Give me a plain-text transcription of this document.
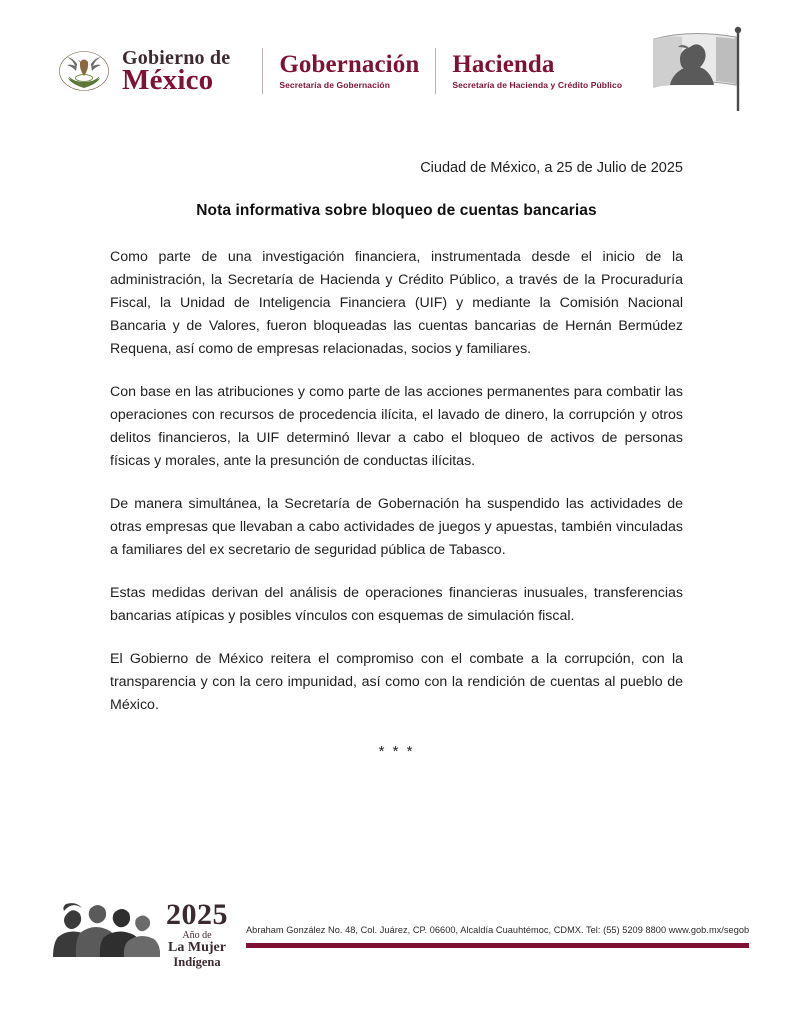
Gobierno de
México	Gobernación
Secretaría de Gobernación
Hacienda
Secretaría de Hacienda y Crédito Público
Ciudad de México, a 25 de Julio de 2025
Nota informativa sobre bloqueo de cuentas bancarias

Como parte de una investigación financiera, instrumentada desde el inicio de la administración, la Secretaría de Hacienda y Crédito Público, a través de la Procuraduría Fiscal, la Unidad de Inteligencia Financiera (UIF) y mediante la Comisión Nacional Bancaria y de Valores, fueron bloqueadas las cuentas bancarias de Hernán Bermúdez Requena, así como de empresas relacionadas, socios y familiares.

Con base en las atribuciones y como parte de las acciones permanentes para combatir las operaciones con recursos de procedencia ilícita, el lavado de dinero, la corrupción y otros delitos financieros, la UIF determinó llevar a cabo el bloqueo de activos de personas físicas y morales, ante la presunción de conductas ilícitas.

De manera simultánea, la Secretaría de Gobernación ha suspendido las actividades de otras empresas que llevaban a cabo actividades de juegos y apuestas, también vinculadas a familiares del ex secretario de seguridad pública de Tabasco.

Estas medidas derivan del análisis de operaciones financieras inusuales, transferencias bancarias atípicas y posibles vínculos con esquemas de simulación fiscal.

El Gobierno de México reitera el compromiso con el combate a la corrupción, con la transparencia y con la cero impunidad, así como con la rendición de cuentas al pueblo de México.

* * *
2025
Año de
La Mujer
Indígena
Abraham González No. 48, Col. Juárez, CP. 06600, Alcaldía Cuauhtémoc, CDMX. Tel: (55) 5209 8800 www.gob.mx/segob
